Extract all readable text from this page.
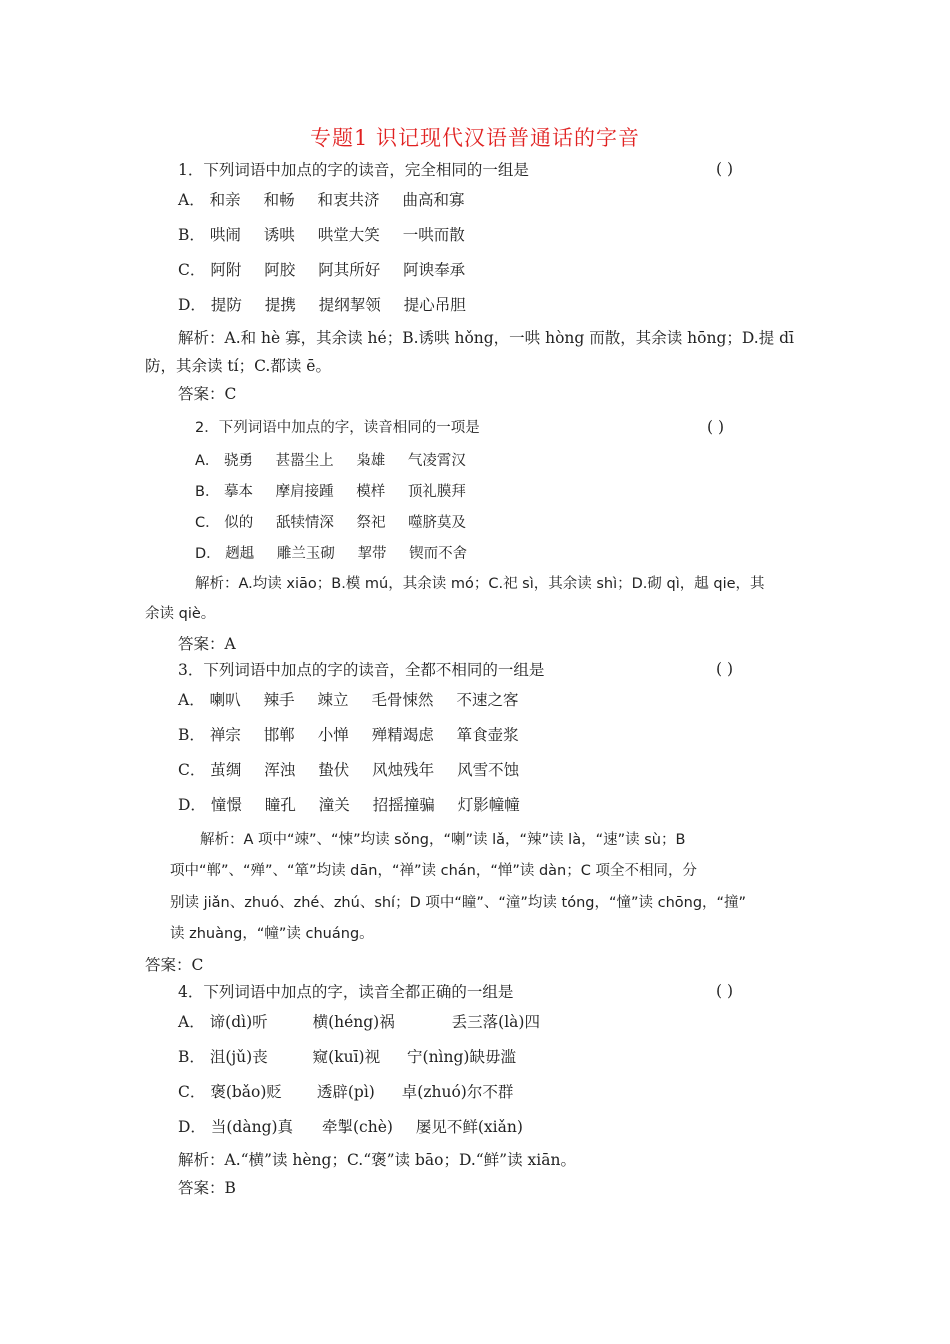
专题1 识记现代汉语普通话的字音
1．下列词语中加点的字的读音，完全相同的一组是	( )
A． 和亲 和畅 和衷共济 曲高和寡
B． 哄闹 诱哄 哄堂大笑 一哄而散
C． 阿附 阿胶 阿其所好 阿谀奉承
D． 提防 提携 提纲挈领 提心吊胆
解析：A.和 hè 寡，其余读 hé；B.诱哄 hǒng，一哄 hòng 而散，其余读 hōng；D.提 dī
防，其余读 tí；C.都读 ē。
答案：C
2．下列词语中加点的字，读音相同的一项是	( )
A． 骁勇 甚嚣尘上 枭雄 气凌霄汉
B． 摹本 摩肩接踵 模样 顶礼膜拜
C． 似的 舐犊情深 祭祀 噬脐莫及
D． 趔趄 雕兰玉砌 挈带 锲而不舍
解析：A.均读 xiāo；B.模 mú，其余读 mó；C.祀 sì，其余读 shì；D.砌 qì，趄 qie，其
余读 qiè。
答案：A
3．下列词语中加点的字的读音，全都不相同的一组是	( )
A． 喇叭 辣手 竦立 毛骨悚然 不速之客
B． 禅宗 邯郸 小惮 殚精竭虑 箪食壶浆
C． 茧绸 浑浊 蛰伏 风烛残年 风雪不蚀
D． 憧憬 瞳孔 潼关 招摇撞骗 灯影幢幢
解析：A 项中“竦”、“悚”均读 sǒng，“喇”读 lǎ，“辣”读 là，“速”读 sù；B
项中“郸”、“殚”、“箪”均读 dān，“禅”读 chán，“惮”读 dàn；C 项全不相同，分
别读 jiǎn、zhuó、zhé、zhú、shí；D 项中“瞳”、“潼”均读 tóng，“憧”读 chōng，“撞”
读 zhuàng，“幢”读 chuáng。
答案：C
4．下列词语中加点的字，读音全都正确的一组是	( )
A． 谛(dì)听	横(héng)祸	丢三落(là)四
B． 沮(jǔ)丧	窥(kuī)视 宁(nìng)缺毋滥
C． 褒(bǎo)贬 透辟(pì) 卓(zhuó)尔不群
D． 当(dàng)真 牵掣(chè) 屡见不鲜(xiǎn)
解析：A.“横”读 hèng；C.“褒”读 bāo；D.“鲜”读 xiān。
答案：B
